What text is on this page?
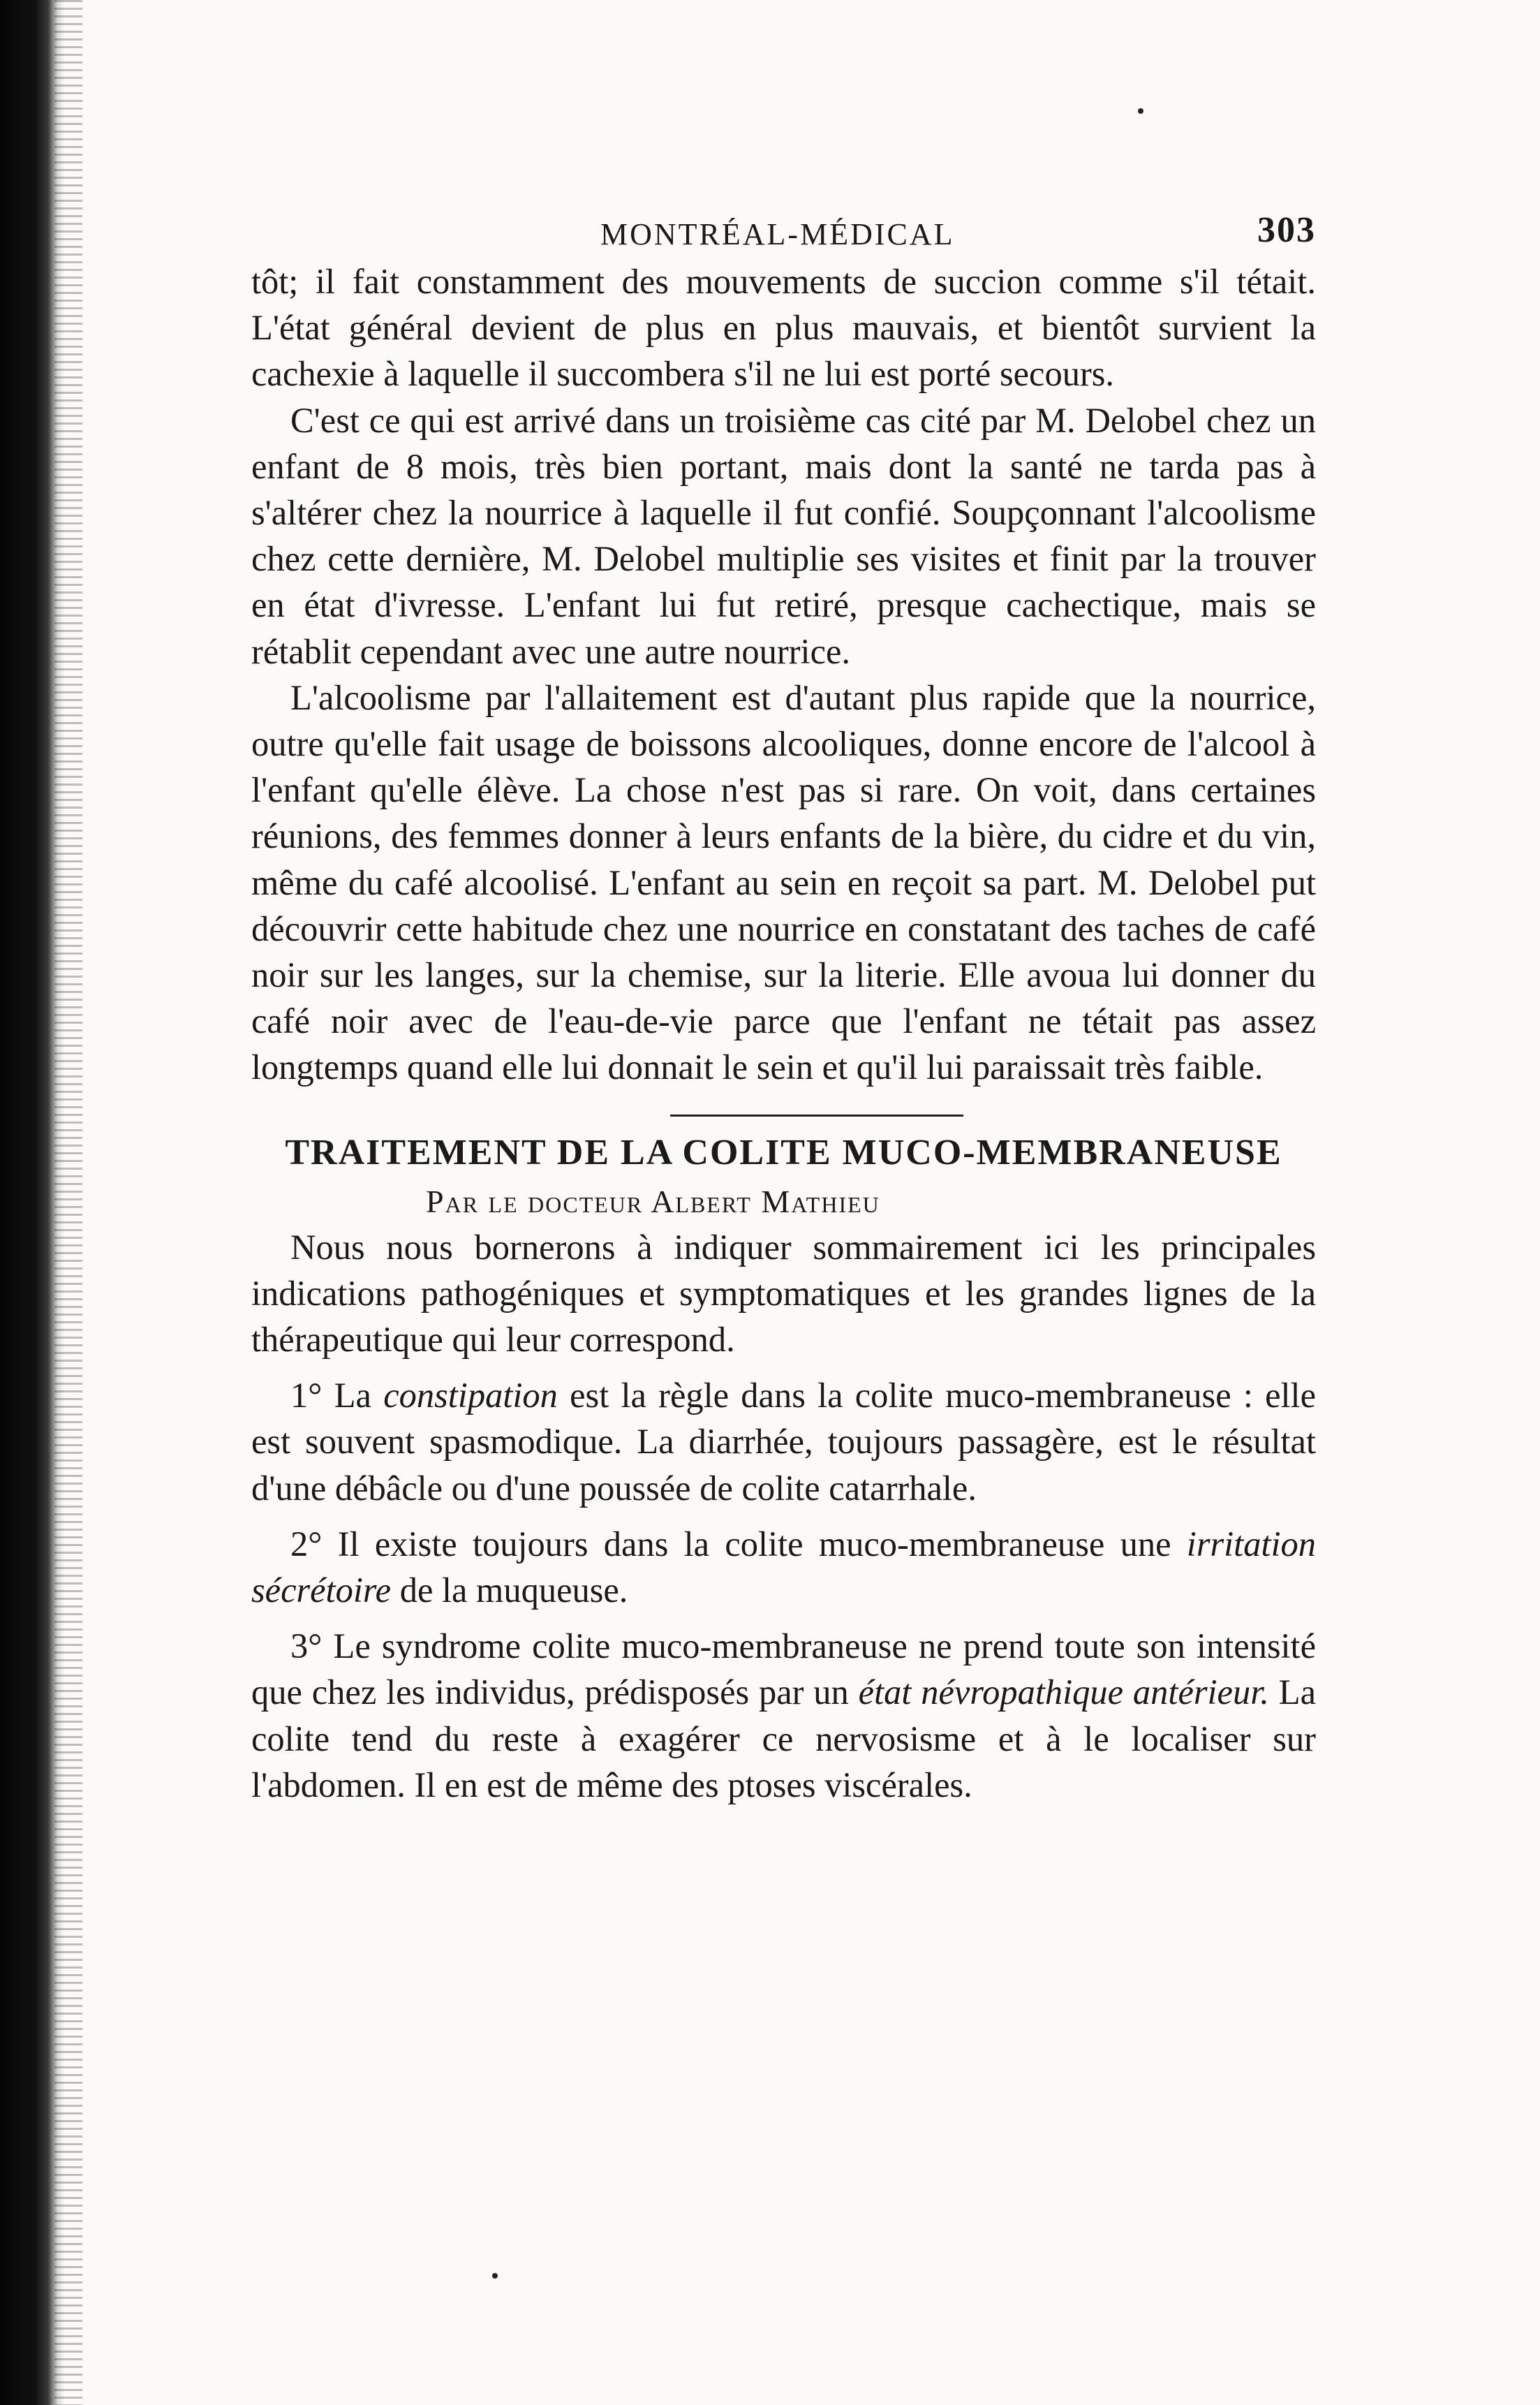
MONTRÉAL-MÉDICAL	303

tôt; il fait constamment des mouvements de succion comme s'il tétait. L'état général devient de plus en plus mauvais, et bientôt survient la cachexie à laquelle il succombera s'il ne lui est porté secours.

C'est ce qui est arrivé dans un troisième cas cité par M. Delobel chez un enfant de 8 mois, très bien portant, mais dont la santé ne tarda pas à s'altérer chez la nourrice à laquelle il fut confié. Soupçonnant l'alcoolisme chez cette dernière, M. Delobel multiplie ses visites et finit par la trouver en état d'ivresse. L'enfant lui fut retiré, presque cachectique, mais se rétablit cependant avec une autre nourrice.

L'alcoolisme par l'allaitement est d'autant plus rapide que la nourrice, outre qu'elle fait usage de boissons alcooliques, donne encore de l'alcool à l'enfant qu'elle élève. La chose n'est pas si rare. On voit, dans certaines réunions, des femmes donner à leurs enfants de la bière, du cidre et du vin, même du café alcoolisé. L'enfant au sein en reçoit sa part. M. Delobel put découvrir cette habitude chez une nourrice en constatant des taches de café noir sur les langes, sur la chemise, sur la literie. Elle avoua lui donner du café noir avec de l'eau-de-vie parce que l'enfant ne tétait pas assez longtemps quand elle lui donnait le sein et qu'il lui paraissait très faible.

TRAITEMENT DE LA COLITE MUCO-MEMBRANEUSE
Par le docteur Albert Mathieu

Nous nous bornerons à indiquer sommairement ici les principales indications pathogéniques et symptomatiques et les grandes lignes de la thérapeutique qui leur correspond.

1° La constipation est la règle dans la colite muco-membraneuse : elle est souvent spasmodique. La diarrhée, toujours passagère, est le résultat d'une débâcle ou d'une poussée de colite catarrhale.

2° Il existe toujours dans la colite muco-membraneuse une irritation sécrétoire de la muqueuse.

3° Le syndrome colite muco-membraneuse ne prend toute son intensité que chez les individus, prédisposés par un état névropathique antérieur. La colite tend du reste à exagérer ce nervosisme et à le localiser sur l'abdomen. Il en est de même des ptoses viscérales.
